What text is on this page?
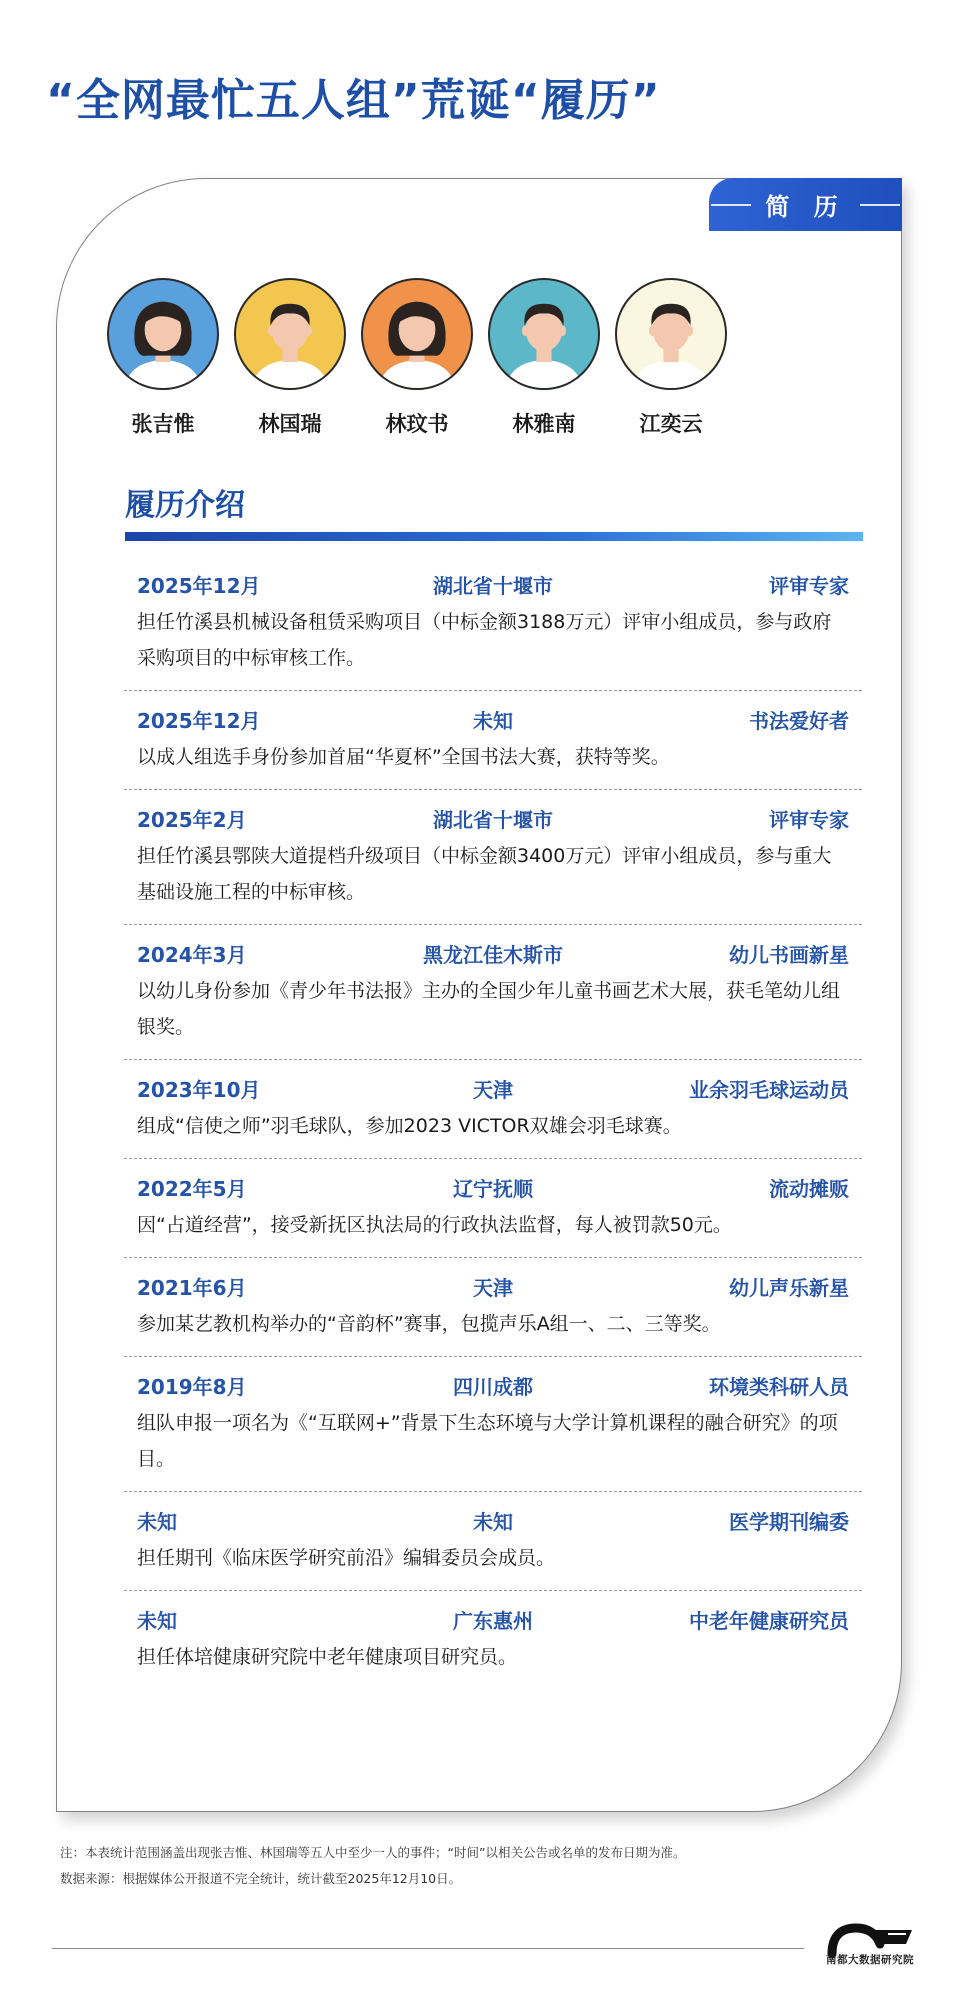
“全网最忙五人组”荒诞“履历”
简 历
张吉惟	林国瑞	林玟书	林雅南	江奕云
履历介绍
2025年12月	湖北省十堰市	评审专家
担任竹溪县机械设备租赁采购项目（中标金额3188万元）评审小组成员，参与政府采购项目的中标审核工作。
2025年12月	未知	书法爱好者
以成人组选手身份参加首届“华夏杯”全国书法大赛，获特等奖。
2025年2月	湖北省十堰市	评审专家
担任竹溪县鄂陕大道提档升级项目（中标金额3400万元）评审小组成员，参与重大基础设施工程的中标审核。
2024年3月	黑龙江佳木斯市	幼儿书画新星
以幼儿身份参加《青少年书法报》主办的全国少年儿童书画艺术大展，获毛笔幼儿组银奖。
2023年10月	天津	业余羽毛球运动员
组成“信使之师”羽毛球队，参加2023 VICTOR双雄会羽毛球赛。
2022年5月	辽宁抚顺	流动摊贩
因“占道经营”，接受新抚区执法局的行政执法监督，每人被罚款50元。
2021年6月	天津	幼儿声乐新星
参加某艺教机构举办的“音韵杯”赛事，包揽声乐A组一、二、三等奖。
2019年8月	四川成都	环境类科研人员
组队申报一项名为《“互联网+”背景下生态环境与大学计算机课程的融合研究》的项目。
未知	未知	医学期刊编委
担任期刊《临床医学研究前沿》编辑委员会成员。
未知	广东惠州	中老年健康研究员
担任体培健康研究院中老年健康项目研究员。
注：本表统计范围涵盖出现张吉惟、林国瑞等五人中至少一人的事件；“时间”以相关公告或名单的发布日期为准。
数据来源：根据媒体公开报道不完全统计，统计截至2025年12月10日。
南都大数据研究院
